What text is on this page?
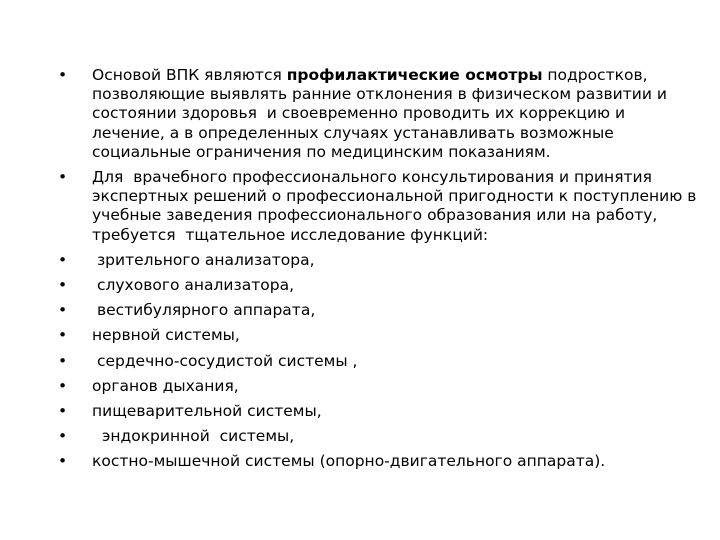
•	Основой ВПК являются профилактические осмотры подростков, позволяющие выявлять ранние отклонения в физическом развитии и  состоянии здоровья  и своевременно проводить их коррекцию и лечение, а в определенных случаях устанавливать возможные социальные ограничения по медицинским показаниям.
•	Для  врачебного профессионального консультирования и принятия экспертных решений о профессиональной пригодности к поступлению в учебные заведения профессионального образования или на работу, требуется  тщательное исследование функций:
•	зрительного анализатора,
•	слухового анализатора,
•	вестибулярного аппарата,
•	нервной системы,
•	сердечно-сосудистой системы ,
•	органов дыхания,
•	пищеварительной системы,
•	эндокринной  системы,
•	костно-мышечной системы (опорно-двигательного аппарата).
